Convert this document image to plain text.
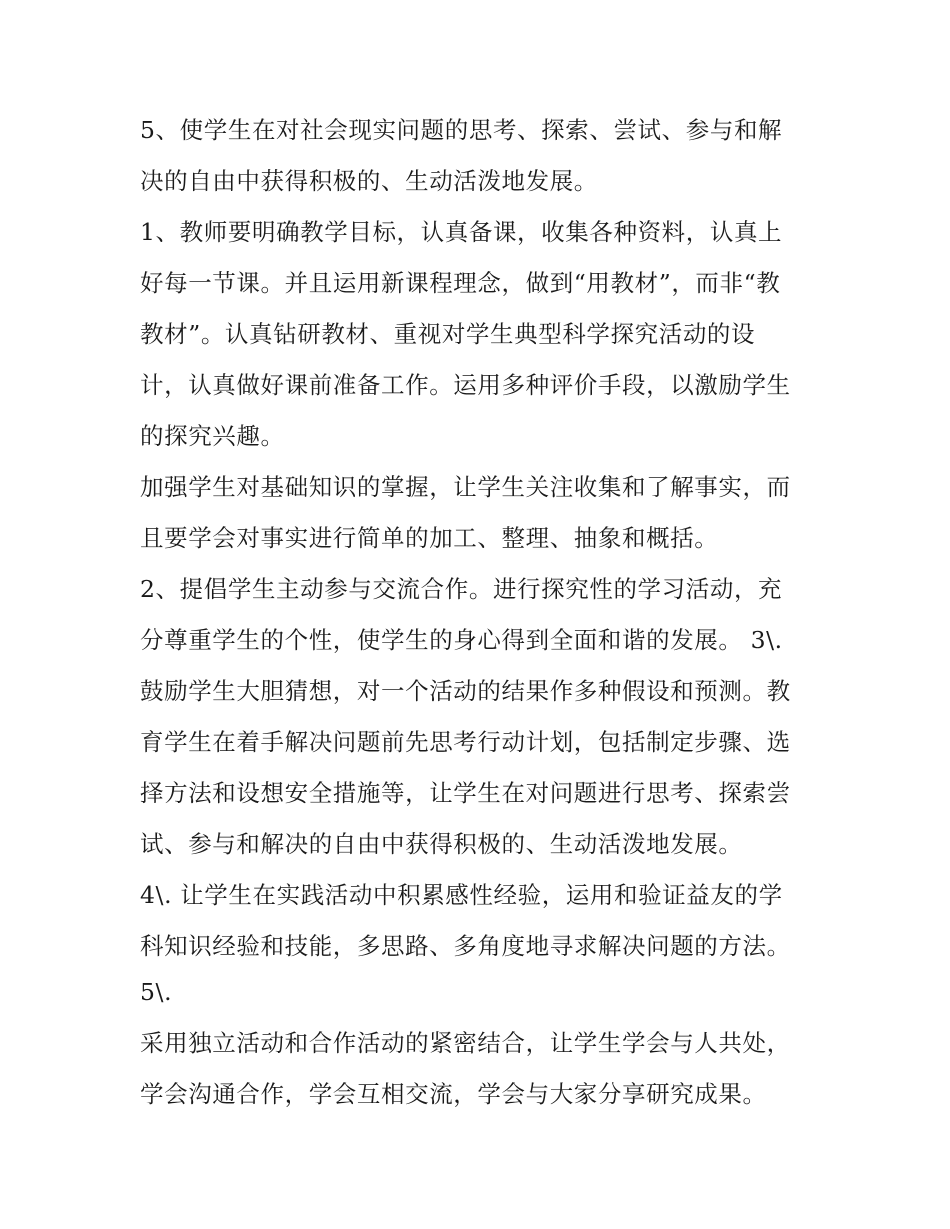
5、使学生在对社会现实问题的思考、探索、尝试、参与和解
决的自由中获得积极的、生动活泼地发展。
1、教师要明确教学目标，认真备课，收集各种资料，认真上
好每一节课。并且运用新课程理念，做到“用教材”，而非“教
教材”。认真钻研教材、重视对学生典型科学探究活动的设
计，认真做好课前准备工作。运用多种评价手段，以激励学生
的探究兴趣。
加强学生对基础知识的掌握，让学生关注收集和了解事实，而
且要学会对事实进行简单的加工、整理、抽象和概括。
2、提倡学生主动参与交流合作。进行探究性的学习活动，充
分尊重学生的个性，使学生的身心得到全面和谐的发展。 3\.
鼓励学生大胆猜想，对一个活动的结果作多种假设和预测。教
育学生在着手解决问题前先思考行动计划，包括制定步骤、选
择方法和设想安全措施等，让学生在对问题进行思考、探索尝
试、参与和解决的自由中获得积极的、生动活泼地发展。
4\. 让学生在实践活动中积累感性经验，运用和验证益友的学
科知识经验和技能，多思路、多角度地寻求解决问题的方法。
5\.
采用独立活动和合作活动的紧密结合，让学生学会与人共处，
学会沟通合作，学会互相交流，学会与大家分享研究成果。
